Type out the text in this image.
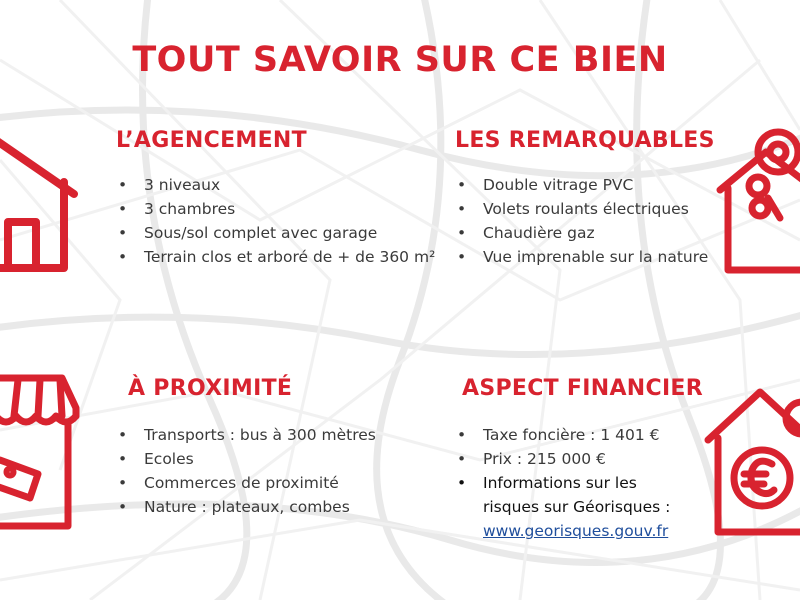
TOUT SAVOIR SUR CE BIEN
L’AGENCEMENT
• 3 niveaux
• 3 chambres
• Sous/sol complet avec garage
• Terrain clos et arboré de + de 360 m²
LES REMARQUABLES
• Double vitrage PVC
• Volets roulants électriques
• Chaudière gaz
• Vue imprenable sur la nature
À PROXIMITÉ
• Transports : bus à 300 mètres
• Ecoles
• Commerces de proximité
• Nature : plateaux, combes
ASPECT FINANCIER
• Taxe foncière : 1 401 €
• Prix : 215 000 €
• Informations sur les
risques sur Géorisques :
www.georisques.gouv.fr
